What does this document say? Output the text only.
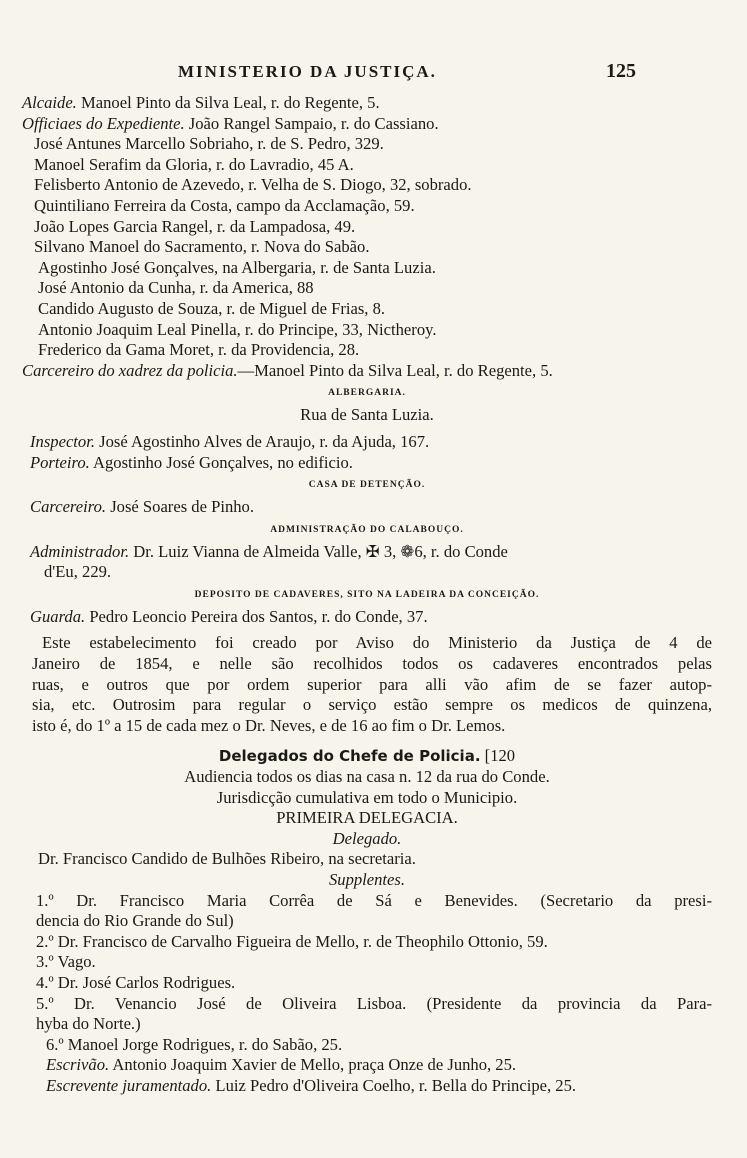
MINISTERIO DA JUSTIÇA.	125
Alcaide. Manoel Pinto da Silva Leal, r. do Regente, 5.
Officiaes do Expediente. João Rangel Sampaio, r. do Cassiano.
José Antunes Marcello Sobriaho, r. de S. Pedro, 329.
Manoel Serafim da Gloria, r. do Lavradio, 45 A.
Felisberto Antonio de Azevedo, r. Velha de S. Diogo, 32, sobrado.
Quintiliano Ferreira da Costa, campo da Acclamação, 59.
João Lopes Garcia Rangel, r. da Lampadosa, 49.
Silvano Manoel do Sacramento, r. Nova do Sabão.
Agostinho José Gonçalves, na Albergaria, r. de Santa Luzia.
José Antonio da Cunha, r. da America, 88
Candido Augusto de Souza, r. de Miguel de Frias, 8.
Antonio Joaquim Leal Pinella, r. do Principe, 33, Nictheroy.
Frederico da Gama Moret, r. da Providencia, 28.
Carcereiro do xadrez da policia.—Manoel Pinto da Silva Leal, r. do Regente, 5.
ALBERGARIA.
Rua de Santa Luzia.
Inspector. José Agostinho Alves de Araujo, r. da Ajuda, 167.
Porteiro. Agostinho José Gonçalves, no edificio.
CASA DE DETENÇÃO.
Carcereiro. José Soares de Pinho.
ADMINISTRAÇÃO DO CALABOUÇO.
Administrador. Dr. Luiz Vianna de Almeida Valle, ✠ 3, ❁6, r. do Conde
d'Eu, 229.
DEPOSITO DE CADAVERES, SITO NA LADEIRA DA CONCEIÇÃO.
Guarda. Pedro Leoncio Pereira dos Santos, r. do Conde, 37.
Este estabelecimento foi creado por Aviso do Ministerio da Justiça de 4 de
Janeiro de 1854, e nelle são recolhidos todos os cadaveres encontrados pelas
ruas, e outros que por ordem superior para alli vão afim de se fazer autop-
sia, etc. Outrosim para regular o serviço estão sempre os medicos de quinzena,
isto é, do 1º a 15 de cada mez o Dr. Neves, e de 16 ao fim o Dr. Lemos.
Delegados do Chefe de Policia. [120
Audiencia todos os dias na casa n. 12 da rua do Conde.
Jurisdicção cumulativa em todo o Municipio.
PRIMEIRA DELEGACIA.
Delegado.
Dr. Francisco Candido de Bulhões Ribeiro, na secretaria.
Supplentes.
1.º Dr. Francisco Maria Corrêa de Sá e Benevides. (Secretario da presi-
dencia do Rio Grande do Sul)
2.º Dr. Francisco de Carvalho Figueira de Mello, r. de Theophilo Ottonio, 59.
3.º Vago.
4.º Dr. José Carlos Rodrigues.
5.º Dr. Venancio José de Oliveira Lisboa. (Presidente da provincia da Para-
hyba do Norte.)
6.º Manoel Jorge Rodrigues, r. do Sabão, 25.
Escrivão. Antonio Joaquim Xavier de Mello, praça Onze de Junho, 25.
Escrevente juramentado. Luiz Pedro d'Oliveira Coelho, r. Bella do Principe, 25.
